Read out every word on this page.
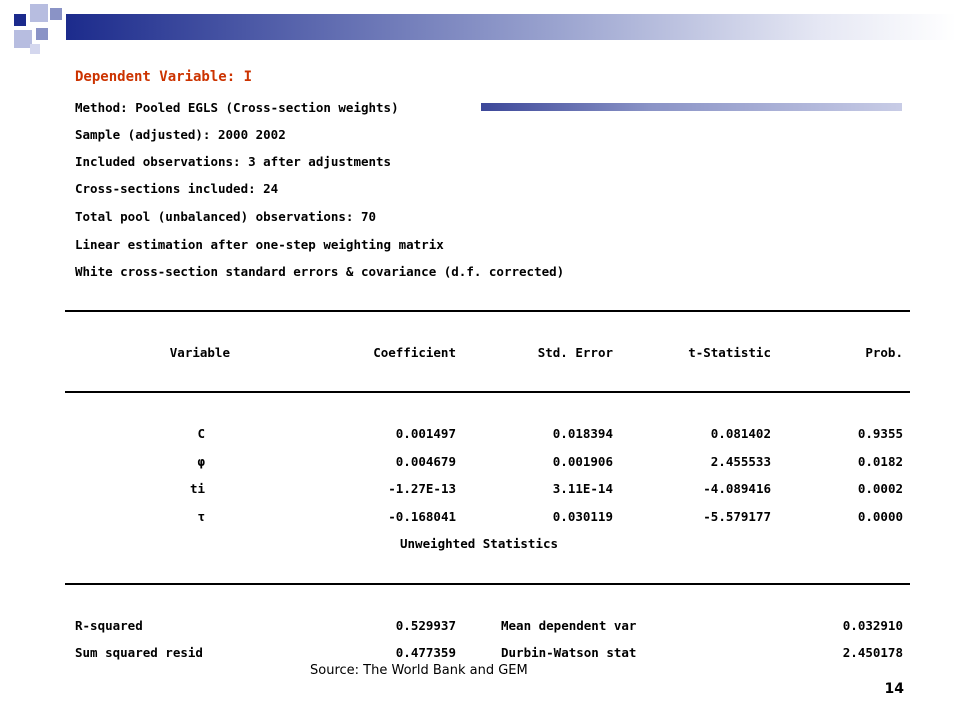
Dependent Variable: I
Method: Pooled EGLS (Cross-section weights)
Sample (adjusted): 2000 2002
Included observations: 3 after adjustments
Cross-sections included: 24
Total pool (unbalanced) observations: 70
Linear estimation after one-step weighting matrix
White cross-section standard errors & covariance (d.f. corrected)
Variable	Coefficient	Std. Error	t-Statistic	Prob.
C	0.001497	0.018394	0.081402	0.9355
φ	0.004679	0.001906	2.455533	0.0182
ti	-1.27E-13	3.11E-14	-4.089416	0.0002
τ	-0.168041	0.030119	-5.579177	0.0000
Unweighted Statistics
R-squared	0.529937	Mean dependent var	0.032910
Sum squared resid	0.477359	Durbin-Watson stat	2.450178
Source: The World Bank and GEM
14
